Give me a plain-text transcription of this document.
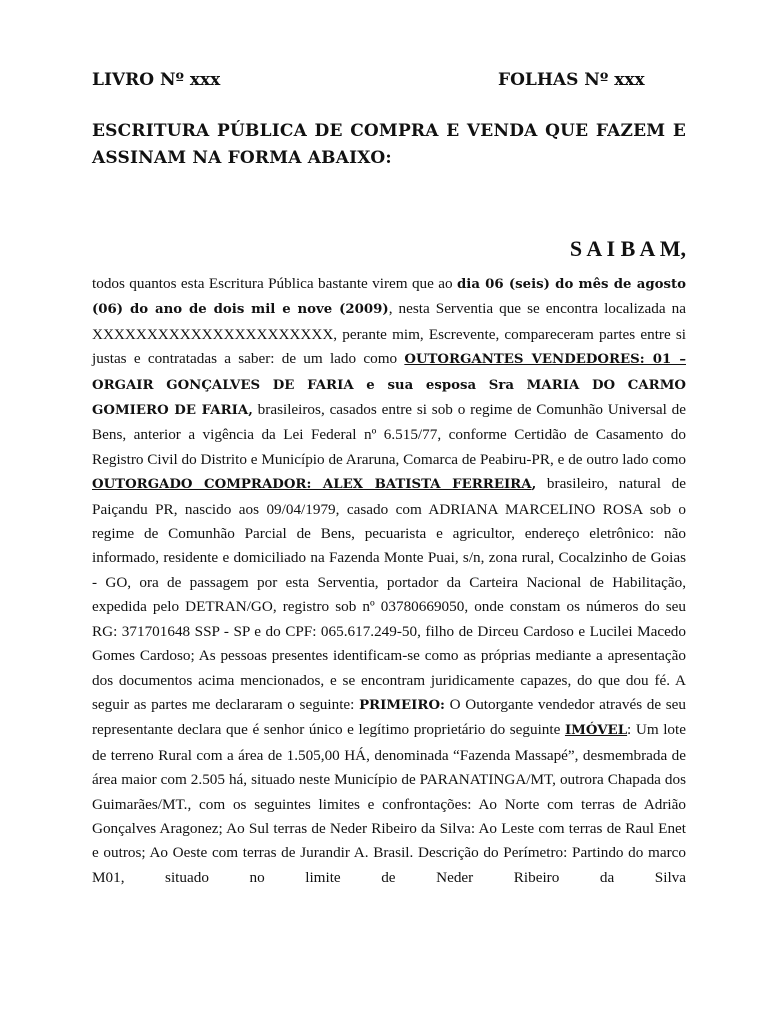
LIVRO Nº xxx	FOLHAS Nº xxx
ESCRITURA PÚBLICA DE COMPRA E VENDA QUE FAZEM E ASSINAM NA FORMA ABAIXO:
S A I B A M,
todos quantos esta Escritura Pública bastante virem que ao dia 06 (seis) do mês de agosto (06) do ano de dois mil e nove (2009), nesta Serventia que se encontra localizada na XXXXXXXXXXXXXXXXXXXXXX, perante mim, Escrevente, compareceram partes entre si justas e contratadas a saber: de um lado como OUTORGANTES VENDEDORES: 01 – ORGAIR GONÇALVES DE FARIA e sua esposa Sra MARIA DO CARMO GOMIERO DE FARIA, brasileiros, casados entre si sob o regime de Comunhão Universal de Bens, anterior a vigência da Lei Federal nº 6.515/77, conforme Certidão de Casamento do Registro Civil do Distrito e Município de Araruna, Comarca de Peabiru-PR, e de outro lado como OUTORGADO COMPRADOR: ALEX BATISTA FERREIRA, brasileiro, natural de Paiçandu PR, nascido aos 09/04/1979, casado com ADRIANA MARCELINO ROSA sob o regime de Comunhão Parcial de Bens, pecuarista e agricultor, endereço eletrônico: não informado, residente e domiciliado na Fazenda Monte Puai, s/n, zona rural, Cocalzinho de Goias - GO, ora de passagem por esta Serventia, portador da Carteira Nacional de Habilitação, expedida pelo DETRAN/GO, registro sob nº 03780669050, onde constam os números do seu RG: 371701648 SSP - SP e do CPF: 065.617.249-50, filho de Dirceu Cardoso e Lucilei Macedo Gomes Cardoso; As pessoas presentes identificam-se como as próprias mediante a apresentação dos documentos acima mencionados, e se encontram juridicamente capazes, do que dou fé. A seguir as partes me declararam o seguinte: PRIMEIRO: O Outorgante vendedor através de seu representante declara que é senhor único e legítimo proprietário do seguinte IMÓVEL: Um lote de terreno Rural com a área de 1.505,00 HÁ, denominada “Fazenda Massapé”, desmembrada de área maior com 2.505 há, situado neste Município de PARANATINGA/MT, outrora Chapada dos Guimarães/MT., com os seguintes limites e confrontações: Ao Norte com terras de Adrião Gonçalves Aragonez; Ao Sul terras de Neder Ribeiro da Silva: Ao Leste com terras de Raul Enet e outros; Ao Oeste com terras de Jurandir A. Brasil. Descrição do Perímetro: Partindo do marco M01, situado no limite de Neder Ribeiro da Silva
